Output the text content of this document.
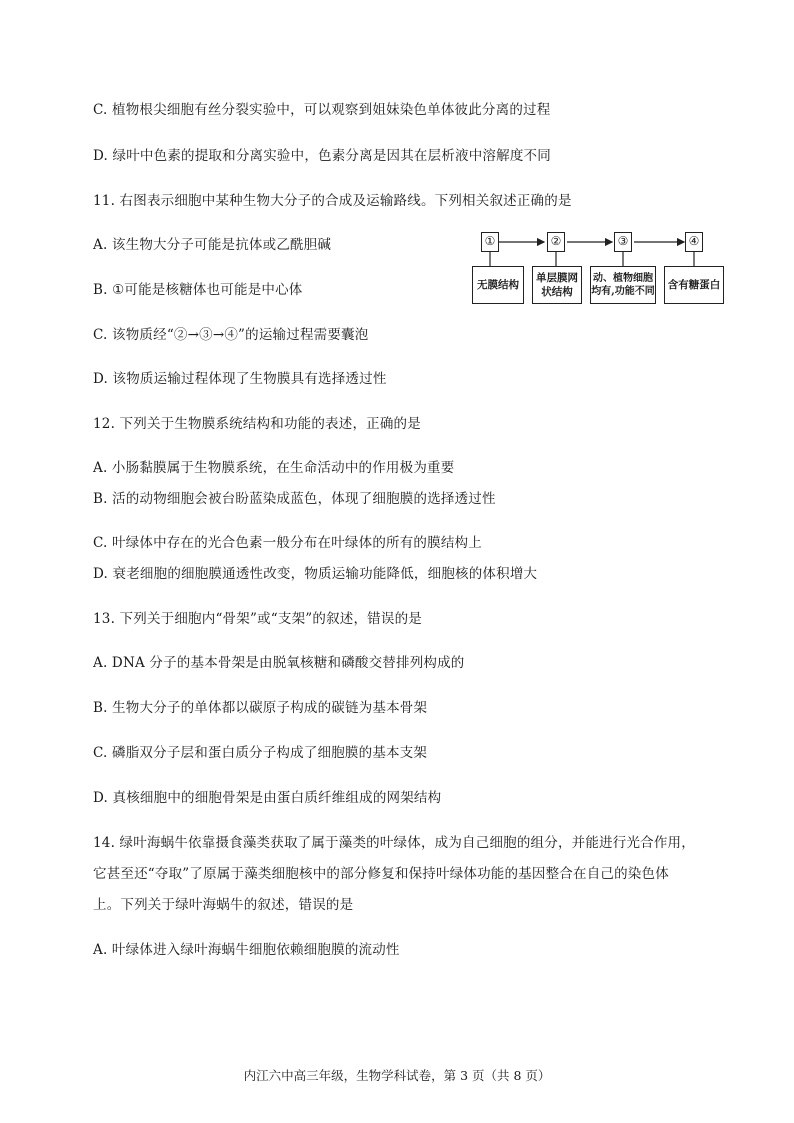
C. 植物根尖细胞有丝分裂实验中，可以观察到姐妹染色单体彼此分离的过程
D. 绿叶中色素的提取和分离实验中，色素分离是因其在层析液中溶解度不同
11. 右图表示细胞中某种生物大分子的合成及运输路线。下列相关叙述正确的是
A. 该生物大分子可能是抗体或乙酰胆碱
B. ①可能是核糖体也可能是中心体
C. 该物质经“②→③→④”的运输过程需要囊泡
D. 该物质运输过程体现了生物膜具有选择透过性
①	②	③	④
无膜结构
单层膜网状结构
动、植物细胞均有,功能不同
含有糖蛋白
12. 下列关于生物膜系统结构和功能的表述，正确的是
A. 小肠黏膜属于生物膜系统，在生命活动中的作用极为重要
B. 活的动物细胞会被台盼蓝染成蓝色，体现了细胞膜的选择透过性
C. 叶绿体中存在的光合色素一般分布在叶绿体的所有的膜结构上
D. 衰老细胞的细胞膜通透性改变，物质运输功能降低，细胞核的体积增大
13. 下列关于细胞内“骨架”或“支架”的叙述，错误的是
A. DNA 分子的基本骨架是由脱氧核糖和磷酸交替排列构成的
B. 生物大分子的单体都以碳原子构成的碳链为基本骨架
C. 磷脂双分子层和蛋白质分子构成了细胞膜的基本支架
D. 真核细胞中的细胞骨架是由蛋白质纤维组成的网架结构
14. 绿叶海蜗牛依靠摄食藻类获取了属于藻类的叶绿体，成为自己细胞的组分，并能进行光合作用，
它甚至还“夺取”了原属于藻类细胞核中的部分修复和保持叶绿体功能的基因整合在自己的染色体
上。下列关于绿叶海蜗牛的叙述，错误的是
A. 叶绿体进入绿叶海蜗牛细胞依赖细胞膜的流动性
内江六中高三年级，生物学科试卷，第 3 页（共 8 页）
